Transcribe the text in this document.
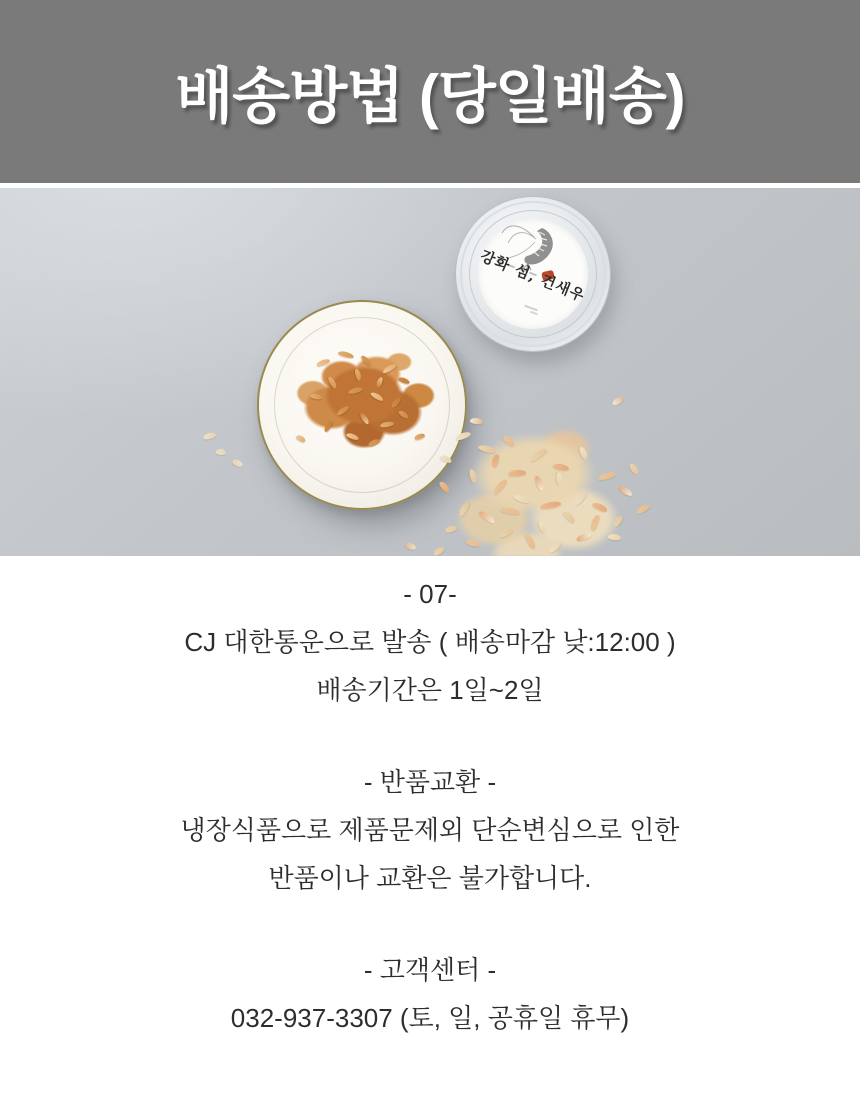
배송방법 (당일배송)
강화 섬, 건새우

- 07-

CJ 대한통운으로 발송 ( 배송마감 낮:12:00 )

배송기간은 1일~2일

- 반품교환 -

냉장식품으로 제품문제외 단순변심으로 인한

반품이나 교환은 불가합니다.

- 고객센터 -

032-937-3307 (토, 일, 공휴일 휴무)
